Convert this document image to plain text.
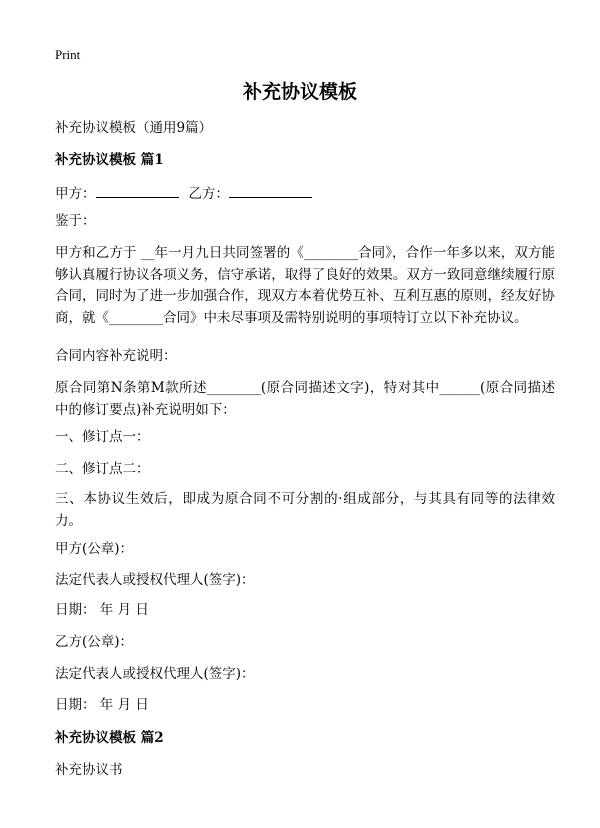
Print
补充协议模板
补充协议模板（通用9篇）
补充协议模板 篇1
甲方：	乙方：
鉴于：
甲方和乙方于 __年一月九日共同签署的《________合同》，合作一年多以来，双方能够认真履行协议各项义务，信守承诺，取得了良好的效果。双方一致同意继续履行原合同，同时为了进一步加强合作，现双方本着优势互补、互利互惠的原则，经友好协商，就《________合同》中未尽事项及需特别说明的事项特订立以下补充协议。
合同内容补充说明：
原合同第N条第M款所述________(原合同描述文字)，特对其中______(原合同描述中的修订要点)补充说明如下：
一、修订点一：
二、修订点二：
三、本协议生效后，即成为原合同不可分割的·组成部分，与其具有同等的法律效力。
甲方(公章)：
法定代表人或授权代理人(签字)：
日期： 年 月 日
乙方(公章)：
法定代表人或授权代理人(签字)：
日期： 年 月 日
补充协议模板 篇2
补充协议书
